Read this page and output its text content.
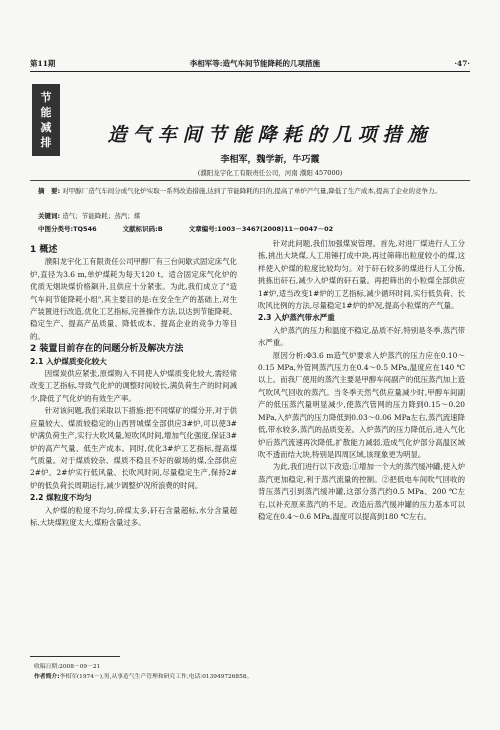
第11期	李相军等:造气车间节能降耗的几项措施	·47·
节
能
减
排	造气车间节能降耗的几项措施
李相军，魏学新，牛巧霞
(濮阳龙宇化工有限责任公司，河南 濮阳 457000)
摘　要: 对甲醇厂造气车间分成气化炉实取一系列改造措施,达到了节能降耗的目的,提高了单炉产气量,降低了生产成本,提高了企业的竞争力。
关键词: 造气；节能降耗；蒸汽；煤
中图分类号:TQ546	文献标识码:B	文章编号:1003－3467(2008)11－0047－02

1 概述

濮阳龙宇化工有限责任公司甲醇厂有三台间歇式固定床气化炉,直径为3.6 m,单炉煤耗为每天120 t。适合固定床气化炉的优质无烟块煤价格飙升,且供应十分紧张。为此,我们成立了"造气车间节能降耗小组",其主要目的是:在安全生产的基础上,对生产装置进行改造,优化工艺指标,完善操作方法,以达到节能降耗、稳定生产、提高产品质量、降低成本、提高企业的竞争力等目的。

2 装置目前存在的问题分析及解决方法

2.1 入炉煤质变化较大

因煤炭供应紧张,原煤购入不同使入炉煤质变化较大,需经常改变工艺指标,导致气化炉的调整时间较长,满负荷生产的时间减少,降低了气化炉的有效生产率。

针对该问题,我们采取以下措施:把不同煤矿的煤分开,对于供应量较大、煤质较稳定的山西晋城煤全部供应3#炉,可以使3#炉满负荷生产,实行大吹风量,短吹风时间,增加气化强度,保证3#炉的高产气量、低生产成本。同时,优化3#炉工艺指标,提高煤气质量。对于煤质较杂、煤质不稳且不好的碳场的煤,全部供应2#炉。2#炉实行低风量、长吹风时间,尽量稳定生产,保持2#炉的低负荷长周期运行,减少调整炉况所浪费的时间。

2.2 煤粒度不均匀

入炉煤的粒度不均匀,碎煤太多,矸石含量超标,水分含量超标,大块煤粒度太大,煤粉含量过多。

针对此问题,我们加强煤炭管理。首先,对进厂煤进行人工分拣,挑出大块煤,人工用锤打成中块,再过筛筛出粒度较小的煤,这样使入炉煤的粒度比较均匀。对于矸石较多的煤进行人工分拣,挑拣出矸石,减少入炉煤的矸石量。再把筛出的小粒煤全部供应1#炉,适当改变1#炉的工艺指标,减少循环时间,实行低负荷、长吹风比例的方法,尽量稳定1#炉的炉况,提高小粒煤的产气量。

2.3 入炉蒸汽带水严重

入炉蒸汽的压力和温度不稳定,品质不好,特别是冬季,蒸汽带水严重。

原因分析:Φ3.6 m造气炉要求入炉蒸汽的压力应在0.10～0.15 MPa,外管网蒸汽压力在0.4～0.5 MPa,温度应在140 ℃以上。而我厂使用的蒸汽主要是甲醇车间副产的低压蒸汽加上造气吹风气回收的蒸汽。当冬季天然气供应量减少时,甲醇车间副产的低压蒸汽量明显减少,使蒸汽管网的压力降到0.15～0.20 MPa,入炉蒸汽的压力降低到0.03～0.06 MPa左右,蒸汽流速降低,带水较多,蒸汽的品质变差。入炉蒸汽的压力降低后,进入气化炉后蒸汽流速再次降低,扩散能力减弱,造成气化炉部分高温区域吹不透而结大块,特别是四周区域,该现象更为明显。

为此,我们进行以下改造:①增加一个大的蒸汽缓冲罐,使入炉蒸汽更加稳定,利于蒸汽流量的控制。②把低电车间吹气回收的背压蒸汽引到蒸汽缓冲罐,这部分蒸汽约0.5 MPa、200 ℃左右,以补充原来蒸汽的不足。改造后蒸汽缓冲罐的压力基本可以稳定在0.4～0.6 MPa,温度可以提高到180 ℃左右。

收稿日期:2008－09－21
作者简介:李相军(1974－),男,从事造气生产管理和研究工作,电话:013949726858。
